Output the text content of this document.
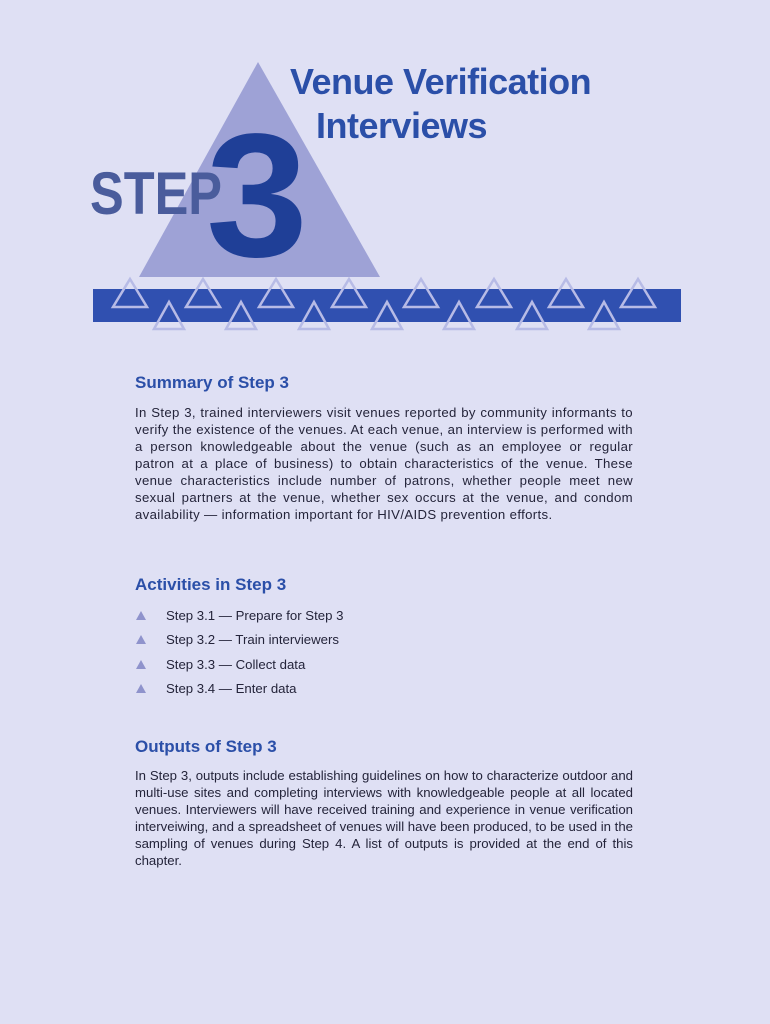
STEP
3
Venue Verification
Interviews
Summary of Step 3

In Step 3, trained interviewers visit venues reported by community informants to verify the existence of the venues. At each venue, an interview is performed with a person knowledgeable about the venue (such as an employee or regular patron at a place of business) to obtain characteristics of the venue. These venue characteristics include number of patrons, whether people meet new sexual partners at the venue, whether sex occurs at the venue, and condom availability — information important for HIV/AIDS prevention efforts.

Activities in Step 3
Step 3.1 — Prepare for Step 3
Step 3.2 — Train interviewers
Step 3.3 — Collect data
Step 3.4 — Enter data
Outputs of Step 3

In Step 3, outputs include establishing guidelines on how to characterize outdoor and multi-use sites and completing interviews with knowledgeable people at all located venues. Interviewers will have received training and experience in venue verification interveiwing, and a spreadsheet of venues will have been produced, to be used in the sampling of venues during Step 4. A list of outputs is provided at the end of this chapter.
